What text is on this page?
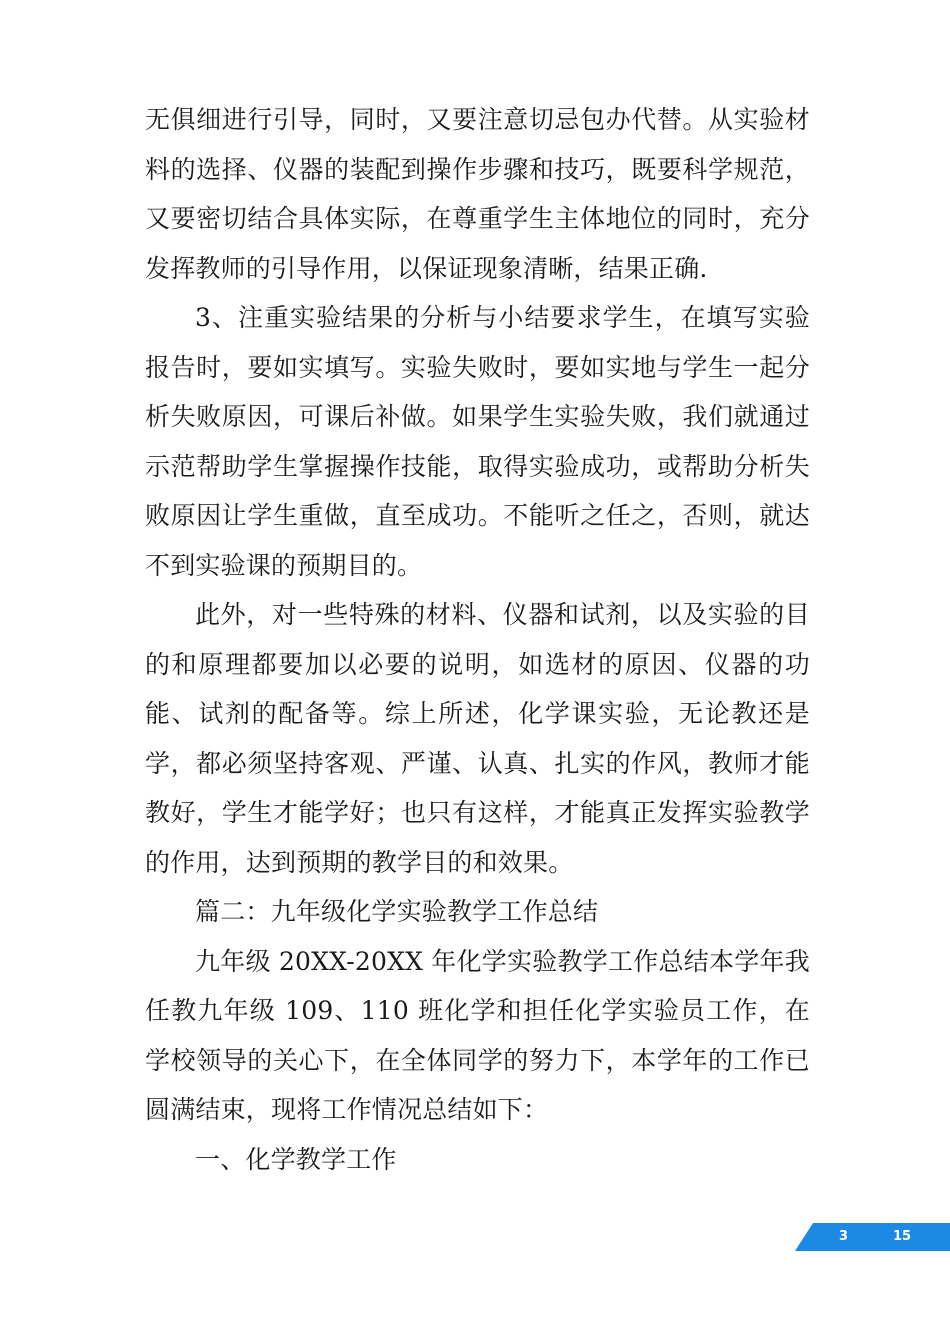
无俱细进行引导，同时，又要注意切忌包办代替。从实验材料的选择、仪器的装配到操作步骤和技巧，既要科学规范，又要密切结合具体实际，在尊重学生主体地位的同时，充分发挥教师的引导作用，以保证现象清晰，结果正确.

3、注重实验结果的分析与小结要求学生，在填写实验报告时，要如实填写。实验失败时，要如实地与学生一起分析失败原因，可课后补做。如果学生实验失败，我们就通过示范帮助学生掌握操作技能，取得实验成功，或帮助分析失败原因让学生重做，直至成功。不能听之任之，否则，就达不到实验课的预期目的。

此外，对一些特殊的材料、仪器和试剂，以及实验的目的和原理都要加以必要的说明，如选材的原因、仪器的功能、试剂的配备等。综上所述，化学课实验，无论教还是学，都必须坚持客观、严谨、认真、扎实的作风，教师才能教好，学生才能学好；也只有这样，才能真正发挥实验教学的作用，达到预期的教学目的和效果。

篇二：九年级化学实验教学工作总结

九年级 20XX-20XX 年化学实验教学工作总结本学年我任教九年级 109、110 班化学和担任化学实验员工作，在学校领导的关心下，在全体同学的努力下，本学年的工作已圆满结束，现将工作情况总结如下：

一、化学教学工作

3	15
